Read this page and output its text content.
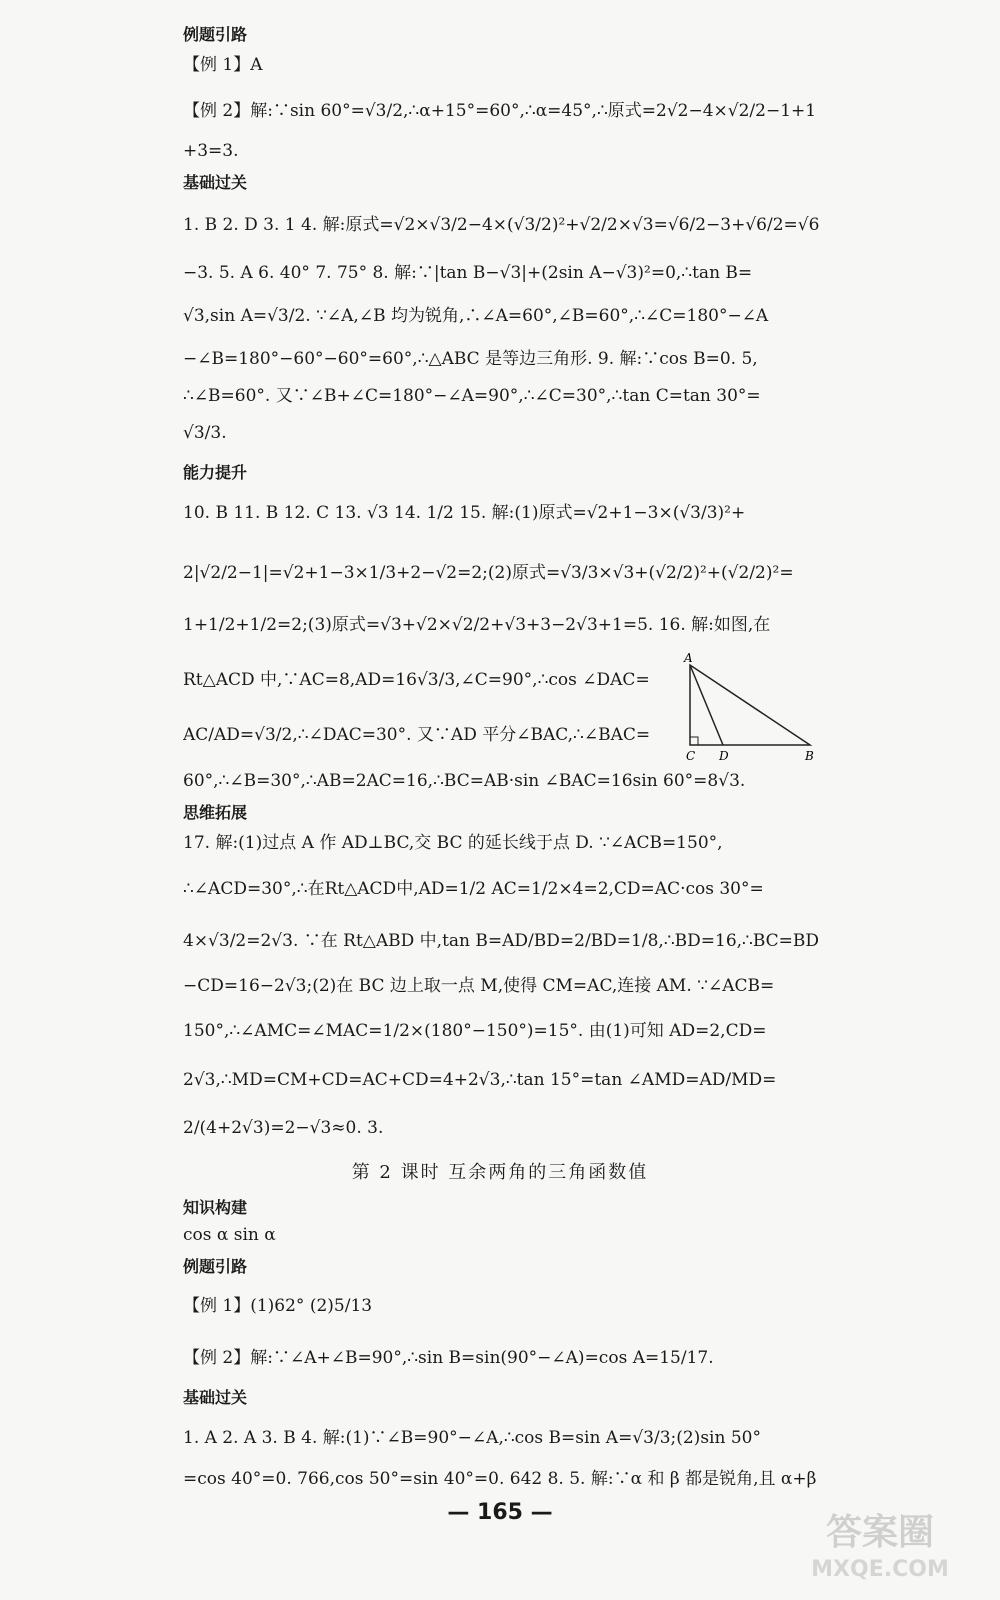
例题引路
【例 1】A
【例 2】解:∵sin 60°=√3/2,∴α+15°=60°,∴α=45°,∴原式=2√2−4×√2/2−1+1
+3=3.
基础过关
1. B 2. D 3. 1 4. 解:原式=√2×√3/2−4×(√3/2)²+√2/2×√3=√6/2−3+√6/2=√6
−3. 5. A 6. 40° 7. 75° 8. 解:∵|tan B−√3|+(2sin A−√3)²=0,∴tan B=
√3,sin A=√3/2. ∵∠A,∠B 均为锐角,∴∠A=60°,∠B=60°,∴∠C=180°−∠A
−∠B=180°−60°−60°=60°,∴△ABC 是等边三角形. 9. 解:∵cos B=0. 5,
∴∠B=60°. 又∵∠B+∠C=180°−∠A=90°,∴∠C=30°,∴tan C=tan 30°=
√3/3.
能力提升
10. B 11. B 12. C 13. √3 14. 1/2 15. 解:(1)原式=√2+1−3×(√3/3)²+
2|√2/2−1|=√2+1−3×1/3+2−√2=2;(2)原式=√3/3×√3+(√2/2)²+(√2/2)²=
1+1/2+1/2=2;(3)原式=√3+√2×√2/2+√3+3−2√3+1=5. 16. 解:如图,在
Rt△ACD 中,∵AC=8,AD=16√3/3,∠C=90°,∴cos ∠DAC=
AC/AD=√3/2,∴∠DAC=30°. 又∵AD 平分∠BAC,∴∠BAC=
60°,∴∠B=30°,∴AB=2AC=16,∴BC=AB·sin ∠BAC=16sin 60°=8√3.
A
C D	B
思维拓展
17. 解:(1)过点 A 作 AD⊥BC,交 BC 的延长线于点 D. ∵∠ACB=150°,
∴∠ACD=30°,∴在Rt△ACD中,AD=1/2 AC=1/2×4=2,CD=AC·cos 30°=
4×√3/2=2√3. ∵在 Rt△ABD 中,tan B=AD/BD=2/BD=1/8,∴BD=16,∴BC=BD
−CD=16−2√3;(2)在 BC 边上取一点 M,使得 CM=AC,连接 AM. ∵∠ACB=
150°,∴∠AMC=∠MAC=1/2×(180°−150°)=15°. 由(1)可知 AD=2,CD=
2√3,∴MD=CM+CD=AC+CD=4+2√3,∴tan 15°=tan ∠AMD=AD/MD=
2/(4+2√3)=2−√3≈0. 3.
第 2 课时 互余两角的三角函数值
知识构建
cos α sin α
例题引路
【例 1】(1)62° (2)5/13
【例 2】解:∵∠A+∠B=90°,∴sin B=sin(90°−∠A)=cos A=15/17.
基础过关
1. A 2. A 3. B 4. 解:(1)∵∠B=90°−∠A,∴cos B=sin A=√3/3;(2)sin 50°
=cos 40°=0. 766,cos 50°=sin 40°=0. 642 8. 5. 解:∵α 和 β 都是锐角,且 α+β
— 165 —	答案圈
MXQE.COM
